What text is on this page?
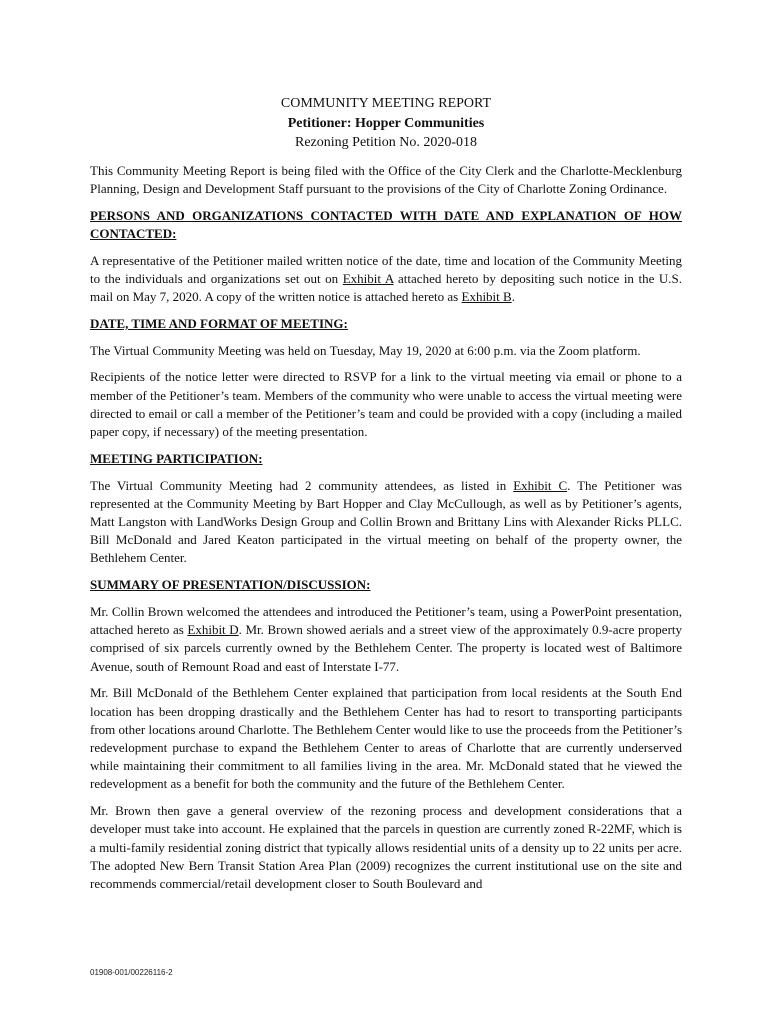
COMMUNITY MEETING REPORT
Petitioner: Hopper Communities
Rezoning Petition No. 2020-018

This Community Meeting Report is being filed with the Office of the City Clerk and the Charlotte-Mecklenburg Planning, Design and Development Staff pursuant to the provisions of the City of Charlotte Zoning Ordinance.

PERSONS AND ORGANIZATIONS CONTACTED WITH DATE AND EXPLANATION OF HOW CONTACTED:

A representative of the Petitioner mailed written notice of the date, time and location of the Community Meeting to the individuals and organizations set out on Exhibit A attached hereto by depositing such notice in the U.S. mail on May 7, 2020. A copy of the written notice is attached hereto as Exhibit B.

DATE, TIME AND FORMAT OF MEETING:

The Virtual Community Meeting was held on Tuesday, May 19, 2020 at 6:00 p.m. via the Zoom platform.

Recipients of the notice letter were directed to RSVP for a link to the virtual meeting via email or phone to a member of the Petitioner’s team. Members of the community who were unable to access the virtual meeting were directed to email or call a member of the Petitioner’s team and could be provided with a copy (including a mailed paper copy, if necessary) of the meeting presentation.

MEETING PARTICIPATION:

The Virtual Community Meeting had 2 community attendees, as listed in Exhibit C. The Petitioner was represented at the Community Meeting by Bart Hopper and Clay McCullough, as well as by Petitioner’s agents, Matt Langston with LandWorks Design Group and Collin Brown and Brittany Lins with Alexander Ricks PLLC. Bill McDonald and Jared Keaton participated in the virtual meeting on behalf of the property owner, the Bethlehem Center.

SUMMARY OF PRESENTATION/DISCUSSION:

Mr. Collin Brown welcomed the attendees and introduced the Petitioner’s team, using a PowerPoint presentation, attached hereto as Exhibit D. Mr. Brown showed aerials and a street view of the approximately 0.9-acre property comprised of six parcels currently owned by the Bethlehem Center. The property is located west of Baltimore Avenue, south of Remount Road and east of Interstate I-77.

Mr. Bill McDonald of the Bethlehem Center explained that participation from local residents at the South End location has been dropping drastically and the Bethlehem Center has had to resort to transporting participants from other locations around Charlotte. The Bethlehem Center would like to use the proceeds from the Petitioner’s redevelopment purchase to expand the Bethlehem Center to areas of Charlotte that are currently underserved while maintaining their commitment to all families living in the area. Mr. McDonald stated that he viewed the redevelopment as a benefit for both the community and the future of the Bethlehem Center.

Mr. Brown then gave a general overview of the rezoning process and development considerations that a developer must take into account. He explained that the parcels in question are currently zoned R-22MF, which is a multi-family residential zoning district that typically allows residential units of a density up to 22 units per acre. The adopted New Bern Transit Station Area Plan (2009) recognizes the current institutional use on the site and recommends commercial/retail development closer to South Boulevard and

01908-001/00226116-2
